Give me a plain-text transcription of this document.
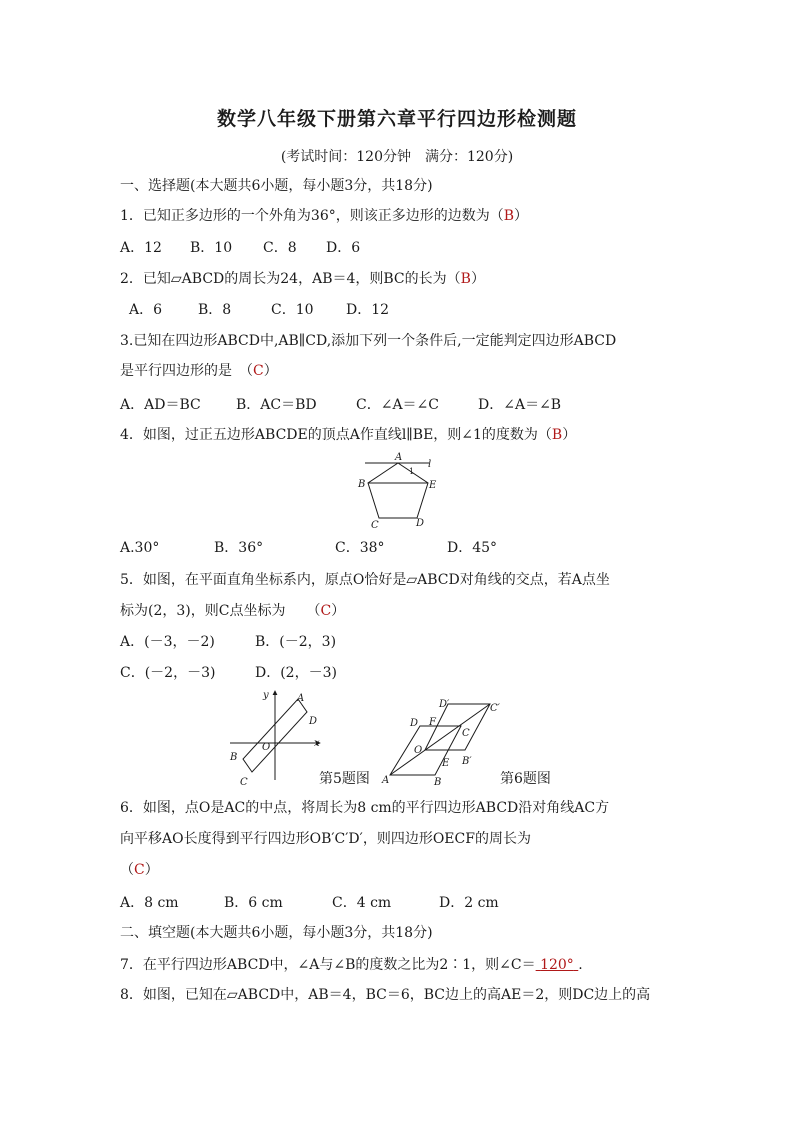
数学八年级下册第六章平行四边形检测题
(考试时间：120分钟　满分：120分)
一、选择题(本大题共6小题，每小题3分，共18分)
1．已知正多边形的一个外角为36°，则该正多边形的边数为（B）
A．12 B．10 C．8 D．6
2．已知▱ABCD的周长为24，AB＝4，则BC的长为（B）
A．6	B．8	C．10 D．12
3.已知在四边形ABCD中,AB∥CD,添加下列一个条件后,一定能判定四边形ABCD
是平行四边形的是　（C）
A．AD＝BC	B．AC＝BD	C．∠A＝∠C	D．∠A＝∠B
4．如图，过正五边形ABCDE的顶点A作直线l∥BE，则∠1的度数为（B）
A
l
1
B	E
C	D
A.30°	B．36°	C．38°	D．45°
5．如图，在平面直角坐标系内，原点O恰好是▱ABCD对角线的交点，若A点坐
标为(2，3)，则C点坐标为　　（C）
A．(－3，－2)	B．(－2，3)
C．(－2，－3)	D．(2，－3)
y	A
D
O	x
B
C	第5题图
D
D′
F
C′
C
O
E B′
A	B	第6题图
6．如图，点O是AC的中点，将周长为8 cm的平行四边形ABCD沿对角线AC方
向平移AO长度得到平行四边形OB′C′D′，则四边形OECF的周长为
（C）
A．8 cm	B．6 cm	C．4 cm	D．2 cm
二、填空题(本大题共6小题，每小题3分，共18分)
7．在平行四边形ABCD中，∠A与∠B的度数之比为2∶1，则∠C＝ 120° .
8．如图，已知在▱ABCD中，AB＝4，BC＝6，BC边上的高AE＝2，则DC边上的高
